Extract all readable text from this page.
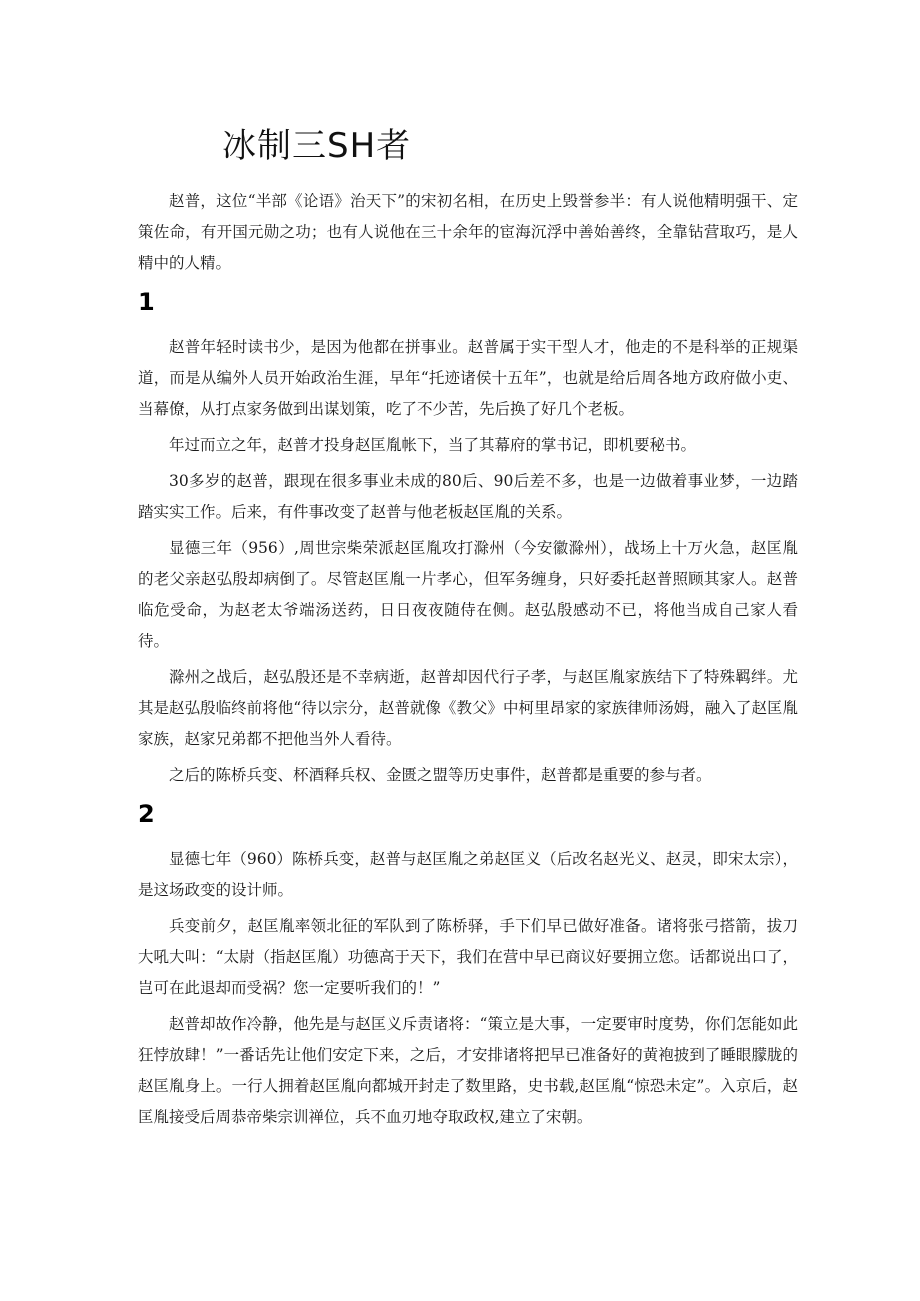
冰制三SH者

赵普，这位“半部《论语》治天下”的宋初名相，在历史上毁誉参半：有人说他精明强干、定策佐命，有开国元勋之功；也有人说他在三十余年的宦海沉浮中善始善终，全靠钻营取巧，是人精中的人精。

1

赵普年轻时读书少，是因为他都在拼事业。赵普属于实干型人才，他走的不是科举的正规渠道，而是从编外人员开始政治生涯，早年“托迹诸侯十五年”，也就是给后周各地方政府做小吏、当幕僚，从打点家务做到出谋划策，吃了不少苦，先后换了好几个老板。

年过而立之年，赵普才投身赵匡胤帐下，当了其幕府的掌书记，即机要秘书。

30多岁的赵普，跟现在很多事业未成的80后、90后差不多，也是一边做着事业梦，一边踏踏实实工作。后来，有件事改变了赵普与他老板赵匡胤的关系。

显德三年（956）,周世宗柴荣派赵匡胤攻打滁州（今安徽滁州），战场上十万火急，赵匡胤的老父亲赵弘殷却病倒了。尽管赵匡胤一片孝心，但军务缠身，只好委托赵普照顾其家人。赵普临危受命，为赵老太爷端汤送药，日日夜夜随侍在侧。赵弘殷感动不已，将他当成自己家人看待。

滁州之战后，赵弘殷还是不幸病逝，赵普却因代行子孝，与赵匡胤家族结下了特殊羁绊。尤其是赵弘殷临终前将他“待以宗分，赵普就像《教父》中柯里昂家的家族律师汤姆，融入了赵匡胤家族，赵家兄弟都不把他当外人看待。

之后的陈桥兵变、杯酒释兵权、金匮之盟等历史事件，赵普都是重要的参与者。

2

显德七年（960）陈桥兵变，赵普与赵匡胤之弟赵匡义（后改名赵光义、赵灵，即宋太宗），是这场政变的设计师。

兵变前夕，赵匡胤率领北征的军队到了陈桥驿，手下们早已做好准备。诸将张弓搭箭，拔刀大吼大叫：“太尉（指赵匡胤）功德高于天下，我们在营中早已商议好要拥立您。话都说出口了，岂可在此退却而受祸？您一定要听我们的！”

赵普却故作冷静，他先是与赵匡义斥责诸将：“策立是大事，一定要审时度势，你们怎能如此狂悖放肆！”一番话先让他们安定下来，之后，才安排诸将把早已准备好的黄袍披到了睡眼朦胧的赵匡胤身上。一行人拥着赵匡胤向都城开封走了数里路，史书载,赵匡胤“惊恐未定”。入京后，赵匡胤接受后周恭帝柴宗训禅位，兵不血刃地夺取政权,建立了宋朝。
